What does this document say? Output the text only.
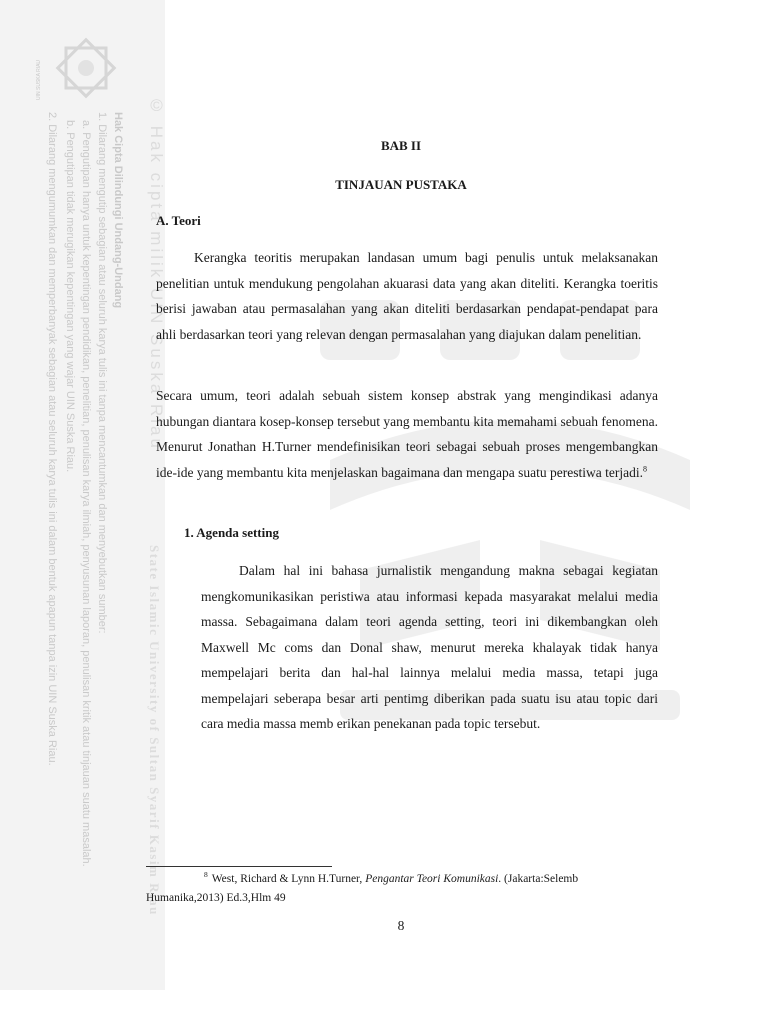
UIN SUSKA RIAU
© Hak cipta milik UIN Suska Riau
State Islamic University of Sultan Syarif Kasim Riau
Hak Cipta Dilindungi Undang-Undang
1. Dilarang mengutip sebagian atau seluruh karya tulis ini tanpa mencantumkan dan menyebutkan sumber:
a. Pengutipan hanya untuk kepentingan pendidikan, penelitian, penulisan karya ilmiah, penyusunan laporan, penulisan kritik atau tinjauan suatu masalah.
b. Pengutipan tidak merugikan kepentingan yang wajar UIN Suska Riau.
2. Dilarang mengumumkan dan memperbanyak sebagian atau seluruh karya tulis ini dalam bentuk apapun tanpa izin UIN Suska Riau.	BAB II
TINJAUAN PUSTAKA
A. Teori

Kerangka teoritis merupakan landasan umum bagi penulis untuk melaksanakan penelitian untuk mendukung pengolahan akuarasi data yang akan diteliti. Kerangka toeritis berisi jawaban atau permasalahan yang akan diteliti berdasarkan pendapat-pendapat para ahli berdasarkan teori yang relevan dengan permasalahan yang diajukan dalam penelitian.

Secara umum, teori adalah sebuah sistem konsep abstrak yang mengindikasi adanya hubungan diantara kosep-konsep tersebut yang membantu kita memahami sebuah fenomena. Menurut Jonathan H.Turner mendefinisikan teori sebagai sebuah proses mengembangkan ide-ide yang membantu kita menjelaskan bagaimana dan mengapa suatu perestiwa terjadi.$^8$

1. Agenda setting

Dalam hal ini bahasa jurnalistik mengandung makna sebagai kegiatan mengkomunikasikan peristiwa atau informasi kepada masyarakat melalui media massa. Sebagaimana dalam teori agenda setting, teori ini dikembangkan oleh Maxwell Mc coms dan Donal shaw, menurut mereka khalayak tidak hanya mempelajari berita dan hal-hal lainnya melalui media massa, tetapi juga mempelajari seberapa besar arti pentimg diberikan pada suatu isu atau topic dari cara media massa memb erikan penekanan pada topic tersebut.

$^8$ West, Richard & Lynn H.Turner, Pengantar Teori Komunikasi. (Jakarta:Selemb Humanika,2013) Ed.3,Hlm 49

8
